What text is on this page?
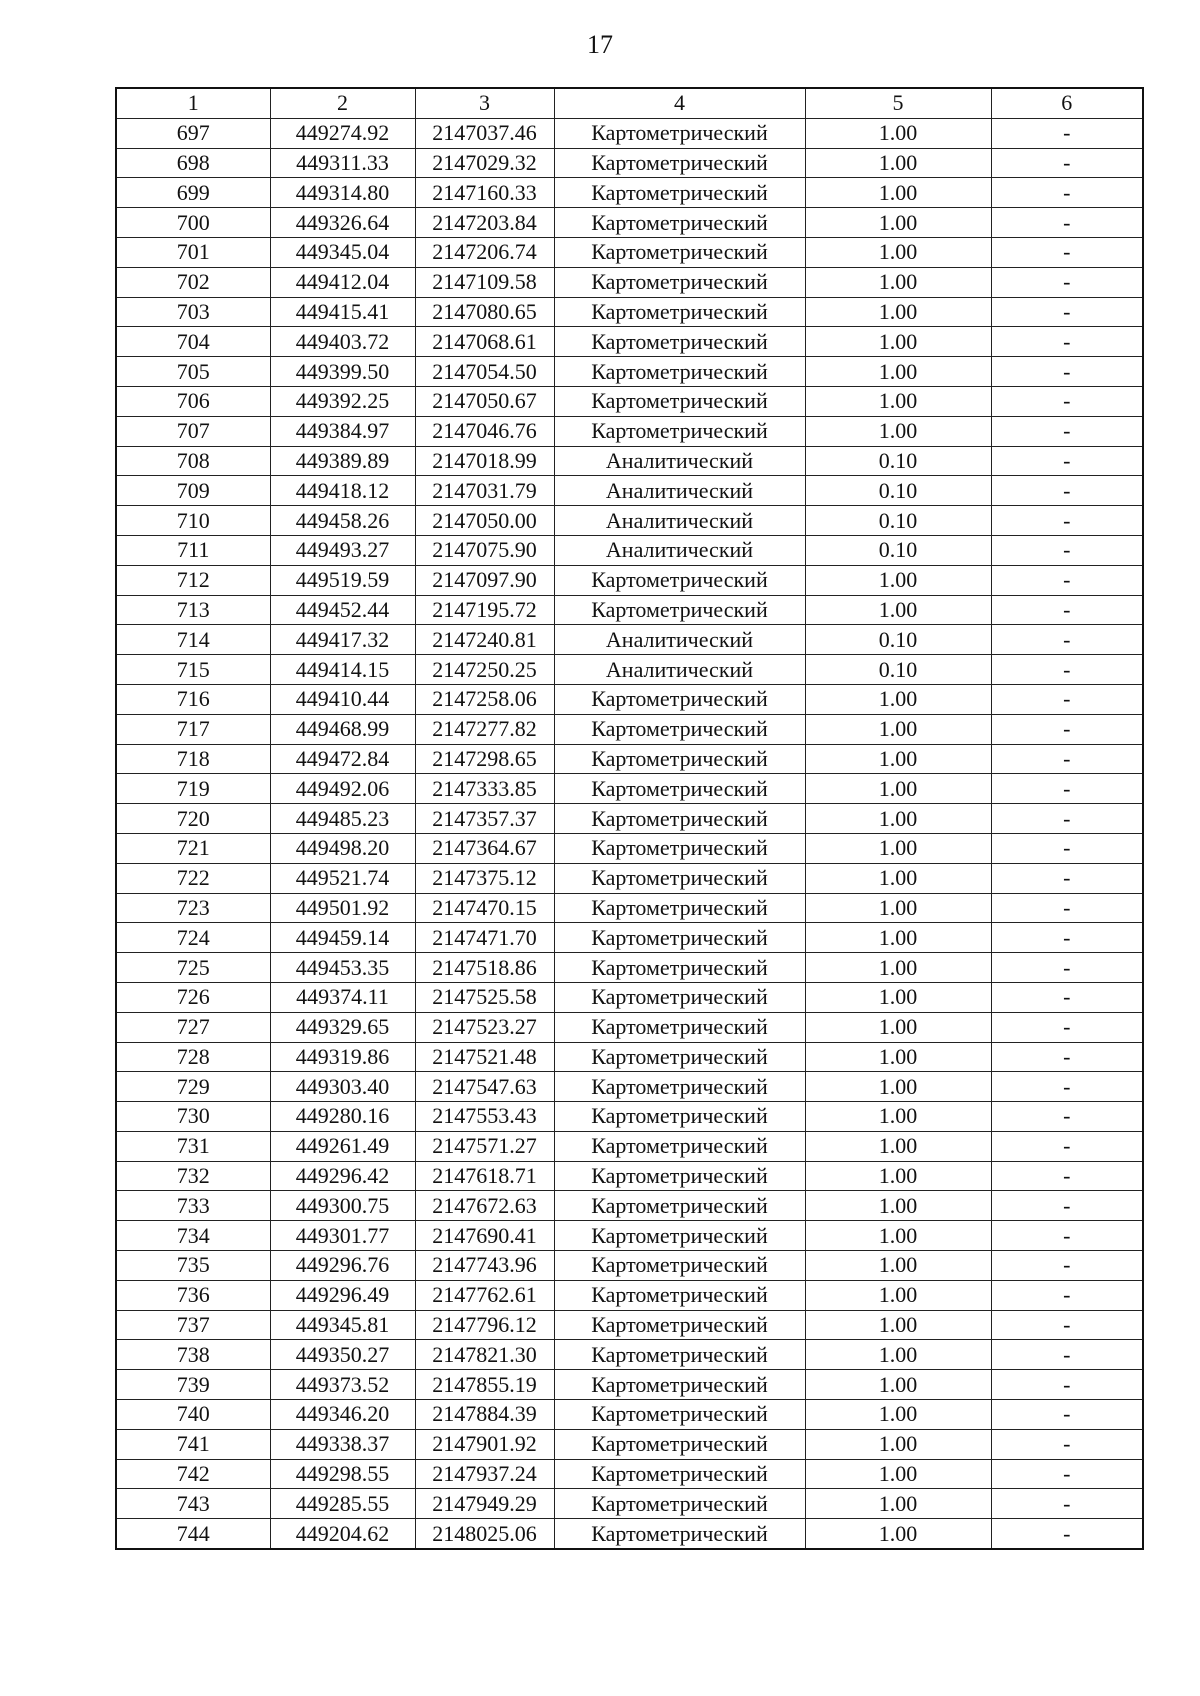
17
1	2	3	4	5	6
697	449274.92	2147037.46	Картометрический	1.00	-
698	449311.33	2147029.32	Картометрический	1.00	-
699	449314.80	2147160.33	Картометрический	1.00	-
700	449326.64	2147203.84	Картометрический	1.00	-
701	449345.04	2147206.74	Картометрический	1.00	-
702	449412.04	2147109.58	Картометрический	1.00	-
703	449415.41	2147080.65	Картометрический	1.00	-
704	449403.72	2147068.61	Картометрический	1.00	-
705	449399.50	2147054.50	Картометрический	1.00	-
706	449392.25	2147050.67	Картометрический	1.00	-
707	449384.97	2147046.76	Картометрический	1.00	-
708	449389.89	2147018.99	Аналитический	0.10	-
709	449418.12	2147031.79	Аналитический	0.10	-
710	449458.26	2147050.00	Аналитический	0.10	-
711	449493.27	2147075.90	Аналитический	0.10	-
712	449519.59	2147097.90	Картометрический	1.00	-
713	449452.44	2147195.72	Картометрический	1.00	-
714	449417.32	2147240.81	Аналитический	0.10	-
715	449414.15	2147250.25	Аналитический	0.10	-
716	449410.44	2147258.06	Картометрический	1.00	-
717	449468.99	2147277.82	Картометрический	1.00	-
718	449472.84	2147298.65	Картометрический	1.00	-
719	449492.06	2147333.85	Картометрический	1.00	-
720	449485.23	2147357.37	Картометрический	1.00	-
721	449498.20	2147364.67	Картометрический	1.00	-
722	449521.74	2147375.12	Картометрический	1.00	-
723	449501.92	2147470.15	Картометрический	1.00	-
724	449459.14	2147471.70	Картометрический	1.00	-
725	449453.35	2147518.86	Картометрический	1.00	-
726	449374.11	2147525.58	Картометрический	1.00	-
727	449329.65	2147523.27	Картометрический	1.00	-
728	449319.86	2147521.48	Картометрический	1.00	-
729	449303.40	2147547.63	Картометрический	1.00	-
730	449280.16	2147553.43	Картометрический	1.00	-
731	449261.49	2147571.27	Картометрический	1.00	-
732	449296.42	2147618.71	Картометрический	1.00	-
733	449300.75	2147672.63	Картометрический	1.00	-
734	449301.77	2147690.41	Картометрический	1.00	-
735	449296.76	2147743.96	Картометрический	1.00	-
736	449296.49	2147762.61	Картометрический	1.00	-
737	449345.81	2147796.12	Картометрический	1.00	-
738	449350.27	2147821.30	Картометрический	1.00	-
739	449373.52	2147855.19	Картометрический	1.00	-
740	449346.20	2147884.39	Картометрический	1.00	-
741	449338.37	2147901.92	Картометрический	1.00	-
742	449298.55	2147937.24	Картометрический	1.00	-
743	449285.55	2147949.29	Картометрический	1.00	-
744	449204.62	2148025.06	Картометрический	1.00	-
